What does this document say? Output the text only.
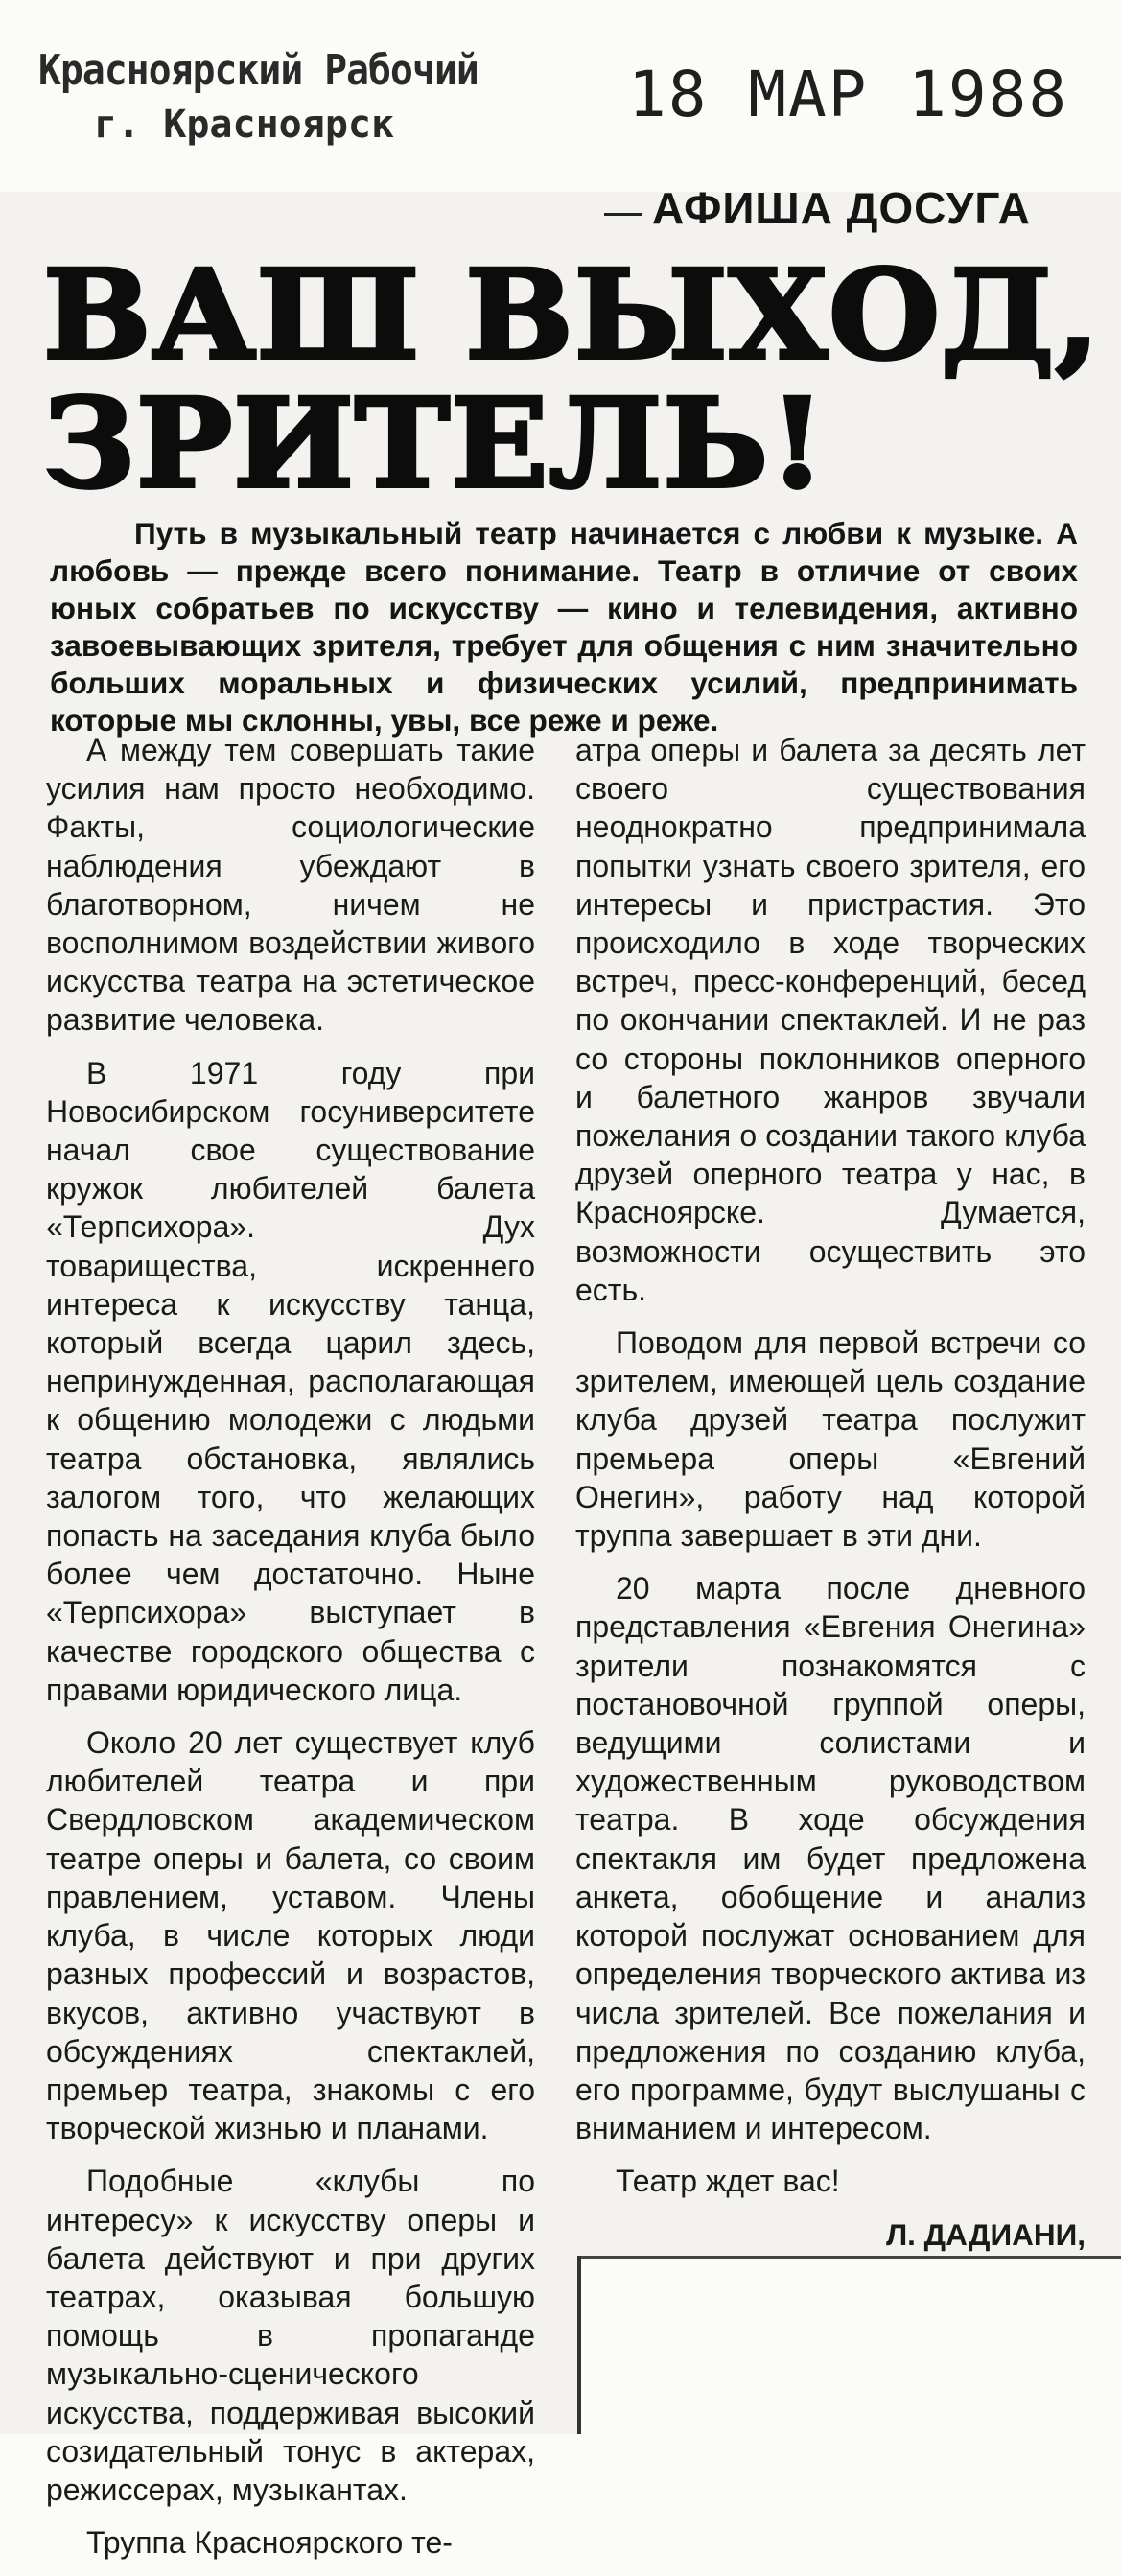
Красноярский Рабочий
г. Красноярск	18 МАР 1988
АФИША ДОСУГА
ВАШ ВЫХОД,
ЗРИТЕЛЬ!

Путь в музыкальный театр начинается с любви к музыке. А любовь — прежде всего понимание. Театр в отличие от своих юных собратьев по искусству — кино и телевидения, активно завоевывающих зрителя, требует для общения с ним значительно больших моральных и физических усилий, предпринимать которые мы склонны, увы, все реже и реже.

А между тем совершать такие усилия нам просто необходимо. Факты, социологические наблюдения убеждают в благотворном, ничем не восполнимом воздействии живого искусства театра на эстетическое развитие человека.

В 1971 году при Новосибирском госуниверситете начал свое существование кружок любителей балета «Терпсихора». Дух товарищества, искреннего интереса к искусству танца, который всегда царил здесь, непринужденная, располагающая к общению молодежи с людьми театра обстановка, являлись залогом того, что желающих попасть на заседания клуба было более чем достаточно. Ныне «Терпсихора» выступает в качестве городского общества с правами юридического лица.

Около 20 лет существует клуб любителей театра и при Свердловском академическом театре оперы и балета, со своим правлением, уставом. Члены клуба, в числе которых люди разных профессий и возрастов, вкусов, активно участвуют в обсуждениях спектаклей, премьер театра, знакомы с его творческой жизнью и планами.

Подобные «клубы по интересу» к искусству оперы и балета действуют и при других театрах, оказывая большую помощь в пропаганде музыкально-сценического искусства, поддерживая высокий созидательный тонус в актерах, режиссерах, музыкантах.

Труппа Красноярского те-

атра оперы и балета за десять лет своего существования неоднократно предпринимала попытки узнать своего зрителя, его интересы и пристрастия. Это происходило в ходе творческих встреч, пресс-конференций, бесед по окончании спектаклей. И не раз со стороны поклонников оперного и балетного жанров звучали пожелания о создании такого клуба друзей оперного театра у нас, в Красноярске. Думается, возможности осуществить это есть.

Поводом для первой встречи со зрителем, имеющей цель создание клуба друзей театра послужит премьера оперы «Евгений Онегин», работу над которой труппа завершает в эти дни.

20 марта после дневного представления «Евгения Онегина» зрители познакомятся с постановочной группой оперы, ведущими солистами и художественным руководством театра. В ходе обсуждения спектакля им будет предложена анкета, обобщение и анализ которой послужат основанием для определения творческого актива из числа зрителей. Все пожелания и предложения по созданию клуба, его программе, будут выслушаны с вниманием и интересом.

Театр ждет вас!

Л. ДАДИАНИ,
